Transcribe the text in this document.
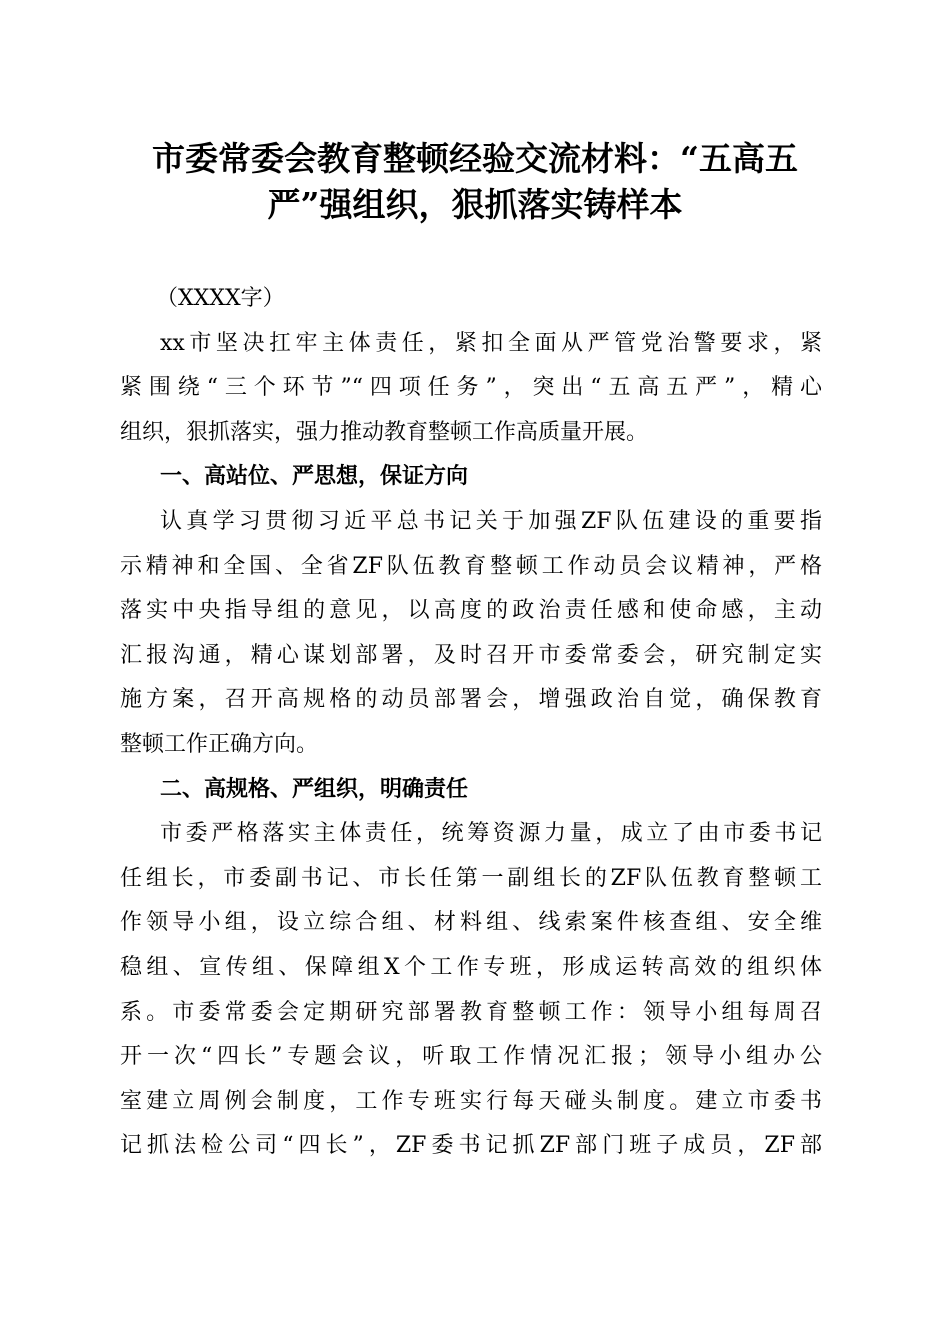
市委常委会教育整顿经验交流材料：“五高五
严”强组织，狠抓落实铸样本
（XXXX字）
xx市坚决扛牢主体责任，紧扣全面从严管党治警要求，紧
紧围绕“三个环节”“四项任务”，突出“五高五严”，精心
组织，狠抓落实，强力推动教育整顿工作高质量开展。
一、高站位、严思想，保证方向
认真学习贯彻习近平总书记关于加强ZF队伍建设的重要指
示精神和全国、全省ZF队伍教育整顿工作动员会议精神，严格
落实中央指导组的意见，以高度的政治责任感和使命感，主动
汇报沟通，精心谋划部署，及时召开市委常委会，研究制定实
施方案，召开高规格的动员部署会，增强政治自觉，确保教育
整顿工作正确方向。
二、高规格、严组织，明确责任
市委严格落实主体责任，统筹资源力量，成立了由市委书记
任组长，市委副书记、市长任第一副组长的ZF队伍教育整顿工
作领导小组，设立综合组、材料组、线索案件核查组、安全维
稳组、宣传组、保障组X个工作专班，形成运转高效的组织体
系。市委常委会定期研究部署教育整顿工作：领导小组每周召
开一次“四长”专题会议，听取工作情况汇报；领导小组办公
室建立周例会制度，工作专班实行每天碰头制度。建立市委书
记抓法检公司“四长”，ZF委书记抓ZF部门班子成员，ZF部
